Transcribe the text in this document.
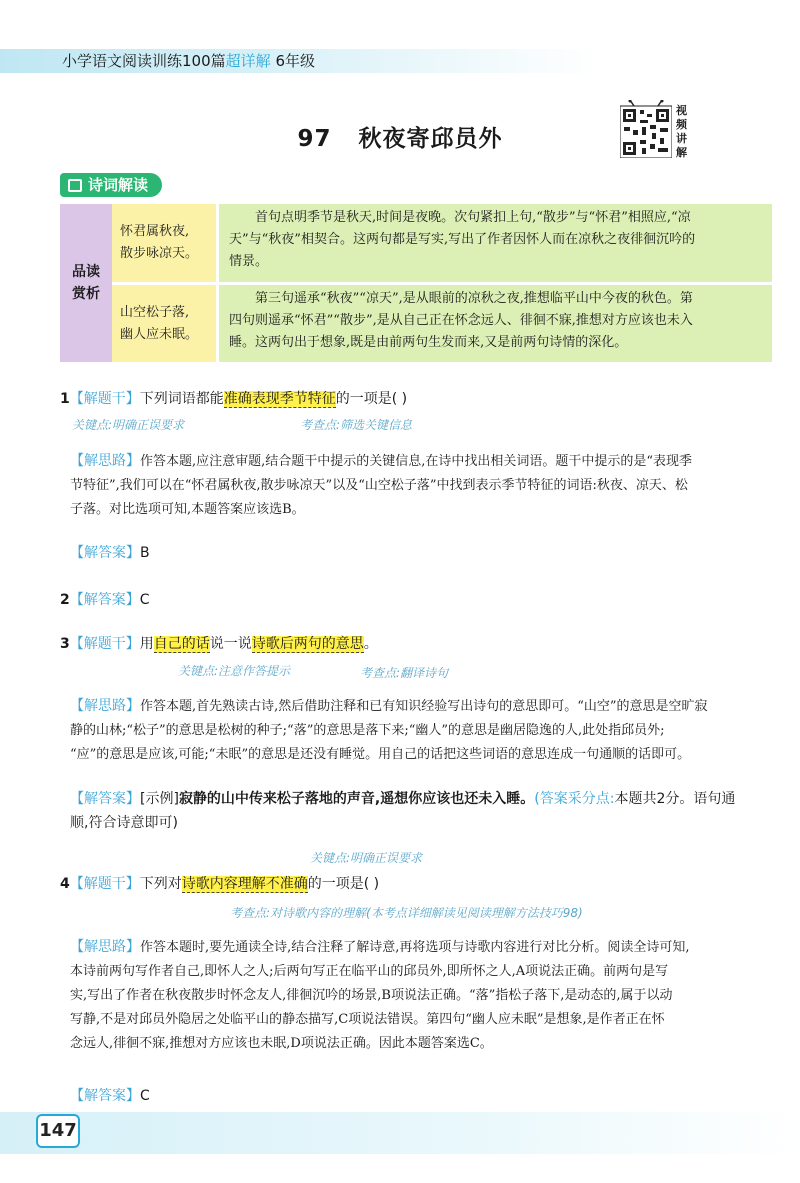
小学语文阅读训练100篇超详解 6年级
97   秋夜寄邱员外
视频讲解
诗词解读
品读赏析
怀君属秋夜,
散步咏凉天。
首句点明季节是秋天,时间是夜晚。次句紧扣上句,“散步”与“怀君”相照应,“凉
天”与“秋夜”相契合。这两句都是写实,写出了作者因怀人而在凉秋之夜徘徊沉吟的
情景。
山空松子落,
幽人应未眠。
第三句遥承“秋夜”“凉天”,是从眼前的凉秋之夜,推想临平山中今夜的秋色。第
四句则遥承“怀君”“散步”,是从自己正在怀念远人、徘徊不寐,推想对方应该也未入
睡。这两句出于想象,既是由前两句生发而来,又是前两句诗情的深化。
1【解题干】下列词语都能准确表现季节特征的一项是( )
关键点:明确正误要求	考查点:筛选关键信息
【解思路】作答本题,应注意审题,结合题干中提示的关键信息,在诗中找出相关词语。题干中提示的是“表现季
节特征”,我们可以在“怀君属秋夜,散步咏凉天”以及“山空松子落”中找到表示季节特征的词语:秋夜、凉天、松
子落。对比选项可知,本题答案应该选B。
【解答案】B
2【解答案】C
3【解题干】用自己的话说一说诗歌后两句的意思。
关键点:注意作答提示	考查点:翻译诗句
【解思路】作答本题,首先熟读古诗,然后借助注释和已有知识经验写出诗句的意思即可。“山空”的意思是空旷寂
静的山林;“松子”的意思是松树的种子;“落”的意思是落下来;“幽人”的意思是幽居隐逸的人,此处指邱员外;
“应”的意思是应该,可能;“未眠”的意思是还没有睡觉。用自己的话把这些词语的意思连成一句通顺的话即可。
【解答案】[示例]寂静的山中传来松子落地的声音,遥想你应该也还未入睡。(答案采分点:本题共2分。语句通
顺,符合诗意即可)
关键点:明确正误要求
4【解题干】下列对诗歌内容理解不准确的一项是( )
考查点:对诗歌内容的理解(本考点详细解读见阅读理解方法技巧98)
【解思路】作答本题时,要先通读全诗,结合注释了解诗意,再将选项与诗歌内容进行对比分析。阅读全诗可知,
本诗前两句写作者自己,即怀人之人;后两句写正在临平山的邱员外,即所怀之人,A项说法正确。前两句是写
实,写出了作者在秋夜散步时怀念友人,徘徊沉吟的场景,B项说法正确。“落”指松子落下,是动态的,属于以动
写静,不是对邱员外隐居之处临平山的静态描写,C项说法错误。第四句“幽人应未眠”是想象,是作者正在怀
念远人,徘徊不寐,推想对方应该也未眠,D项说法正确。因此本题答案选C。
【解答案】C
147
